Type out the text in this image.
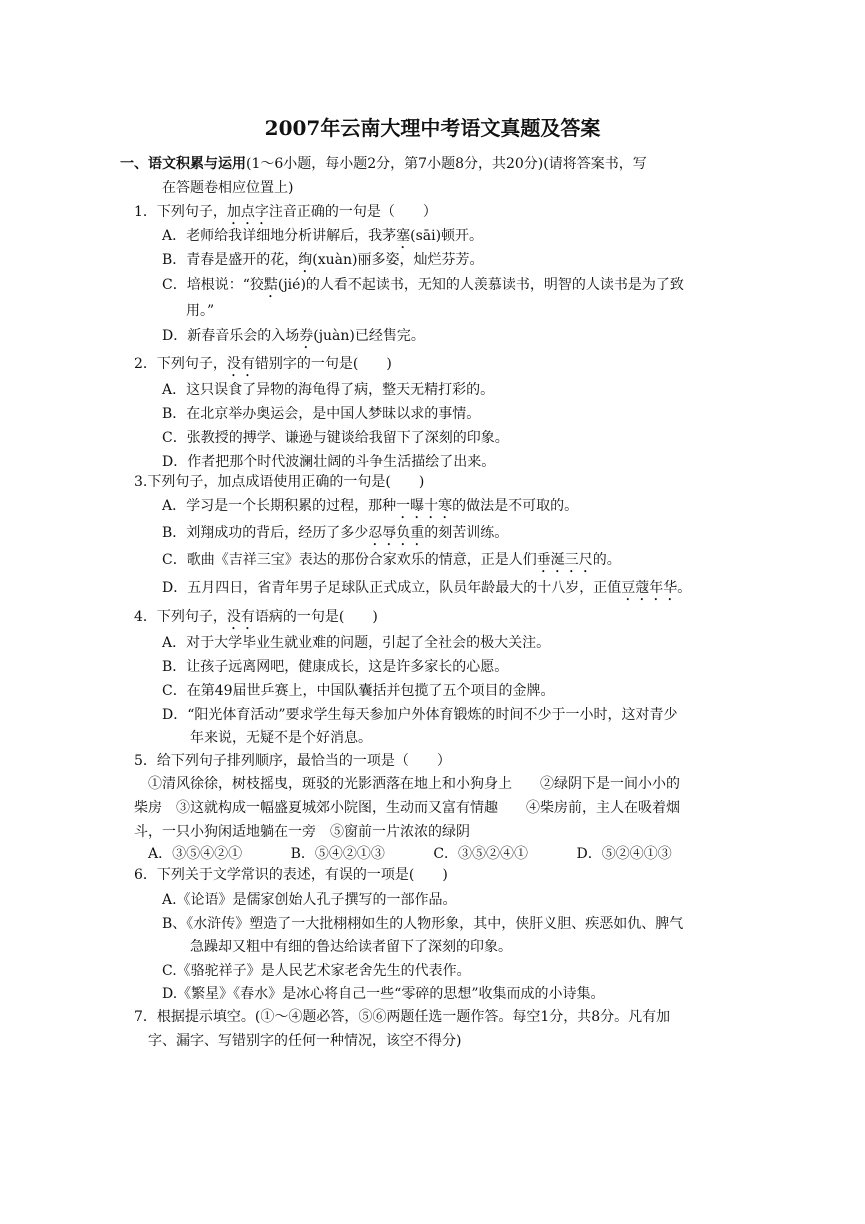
2007年云南大理中考语文真题及答案
一、语文积累与运用(1～6小题，每小题2分，第7小题8分，共20分)(请将答案书，写
在答题卷相应位置上)
1．下列句子，加点字注音正确的一句是（　　）
A．老师给我详细地分析讲解后，我茅塞(sāi)顿开。
B．青春是盛开的花，绚(xuàn)丽多姿，灿烂芬芳。
C．培根说：“狡黠(jié)的人看不起读书，无知的人羡慕读书，明智的人读书是为了致
用。”
D．新春音乐会的入场券(juàn)已经售完。
2．下列句子，没有错别字的一句是(　　)
A．这只误食了异物的海龟得了病，整天无精打彩的。
B．在北京举办奥运会，是中国人梦昧以求的事情。
C．张教授的搏学、谦逊与键谈给我留下了深刻的印象。
D．作者把那个时代波澜壮阔的斗争生活描绘了出来。
3.下列句子，加点成语使用正确的一句是(　　)
A．学习是一个长期积累的过程，那种一曝十寒的做法是不可取的。
B．刘翔成功的背后，经历了多少忍辱负重的刻苦训练。
C．歌曲《吉祥三宝》表达的那份合家欢乐的情意，正是人们垂涎三尺的。
D．五月四日，省青年男子足球队正式成立，队员年龄最大的十八岁，正值豆蔻年华。
4．下列句子，没有语病的一句是(　　)
A．对于大学毕业生就业难的问题，引起了全社会的极大关注。
B．让孩子远离网吧，健康成长，这是许多家长的心愿。
C．在第49届世乒赛上，中国队囊括并包揽了五个项目的金牌。
D．“阳光体育活动”要求学生每天参加户外体育锻炼的时间不少于一小时，这对青少
年来说，无疑不是个好消息。
5．给下列句子排列顺序，最恰当的一项是（　　）
①清风徐徐，树枝摇曳，斑驳的光影洒落在地上和小狗身上　　②绿阴下是一间小小的
柴房　③这就构成一幅盛夏城郊小院图，生动而又富有情趣　　④柴房前，主人在吸着烟
斗，一只小狗闲适地躺在一旁　⑤窗前一片浓浓的绿阴
A．③⑤④②①	B．⑤④②①③	C．③⑤②④①	D．⑤②④①③
6．下列关于文学常识的表述，有误的一项是(　　)
A.《论语》是儒家创始人孔子撰写的一部作品。
B、《水浒传》塑造了一大批栩栩如生的人物形象，其中，侠肝义胆、疾恶如仇、脾气
急躁却又粗中有细的鲁达给读者留下了深刻的印象。
C.《骆驼祥子》是人民艺术家老舍先生的代表作。
D.《繁星》《春水》是冰心将自己一些“零碎的思想”收集而成的小诗集。
7．根据提示填空。(①～④题必答，⑤⑥两题任选一题作答。每空1分，共8分。凡有加
字、漏字、写错别字的任何一种情况，该空不得分)
